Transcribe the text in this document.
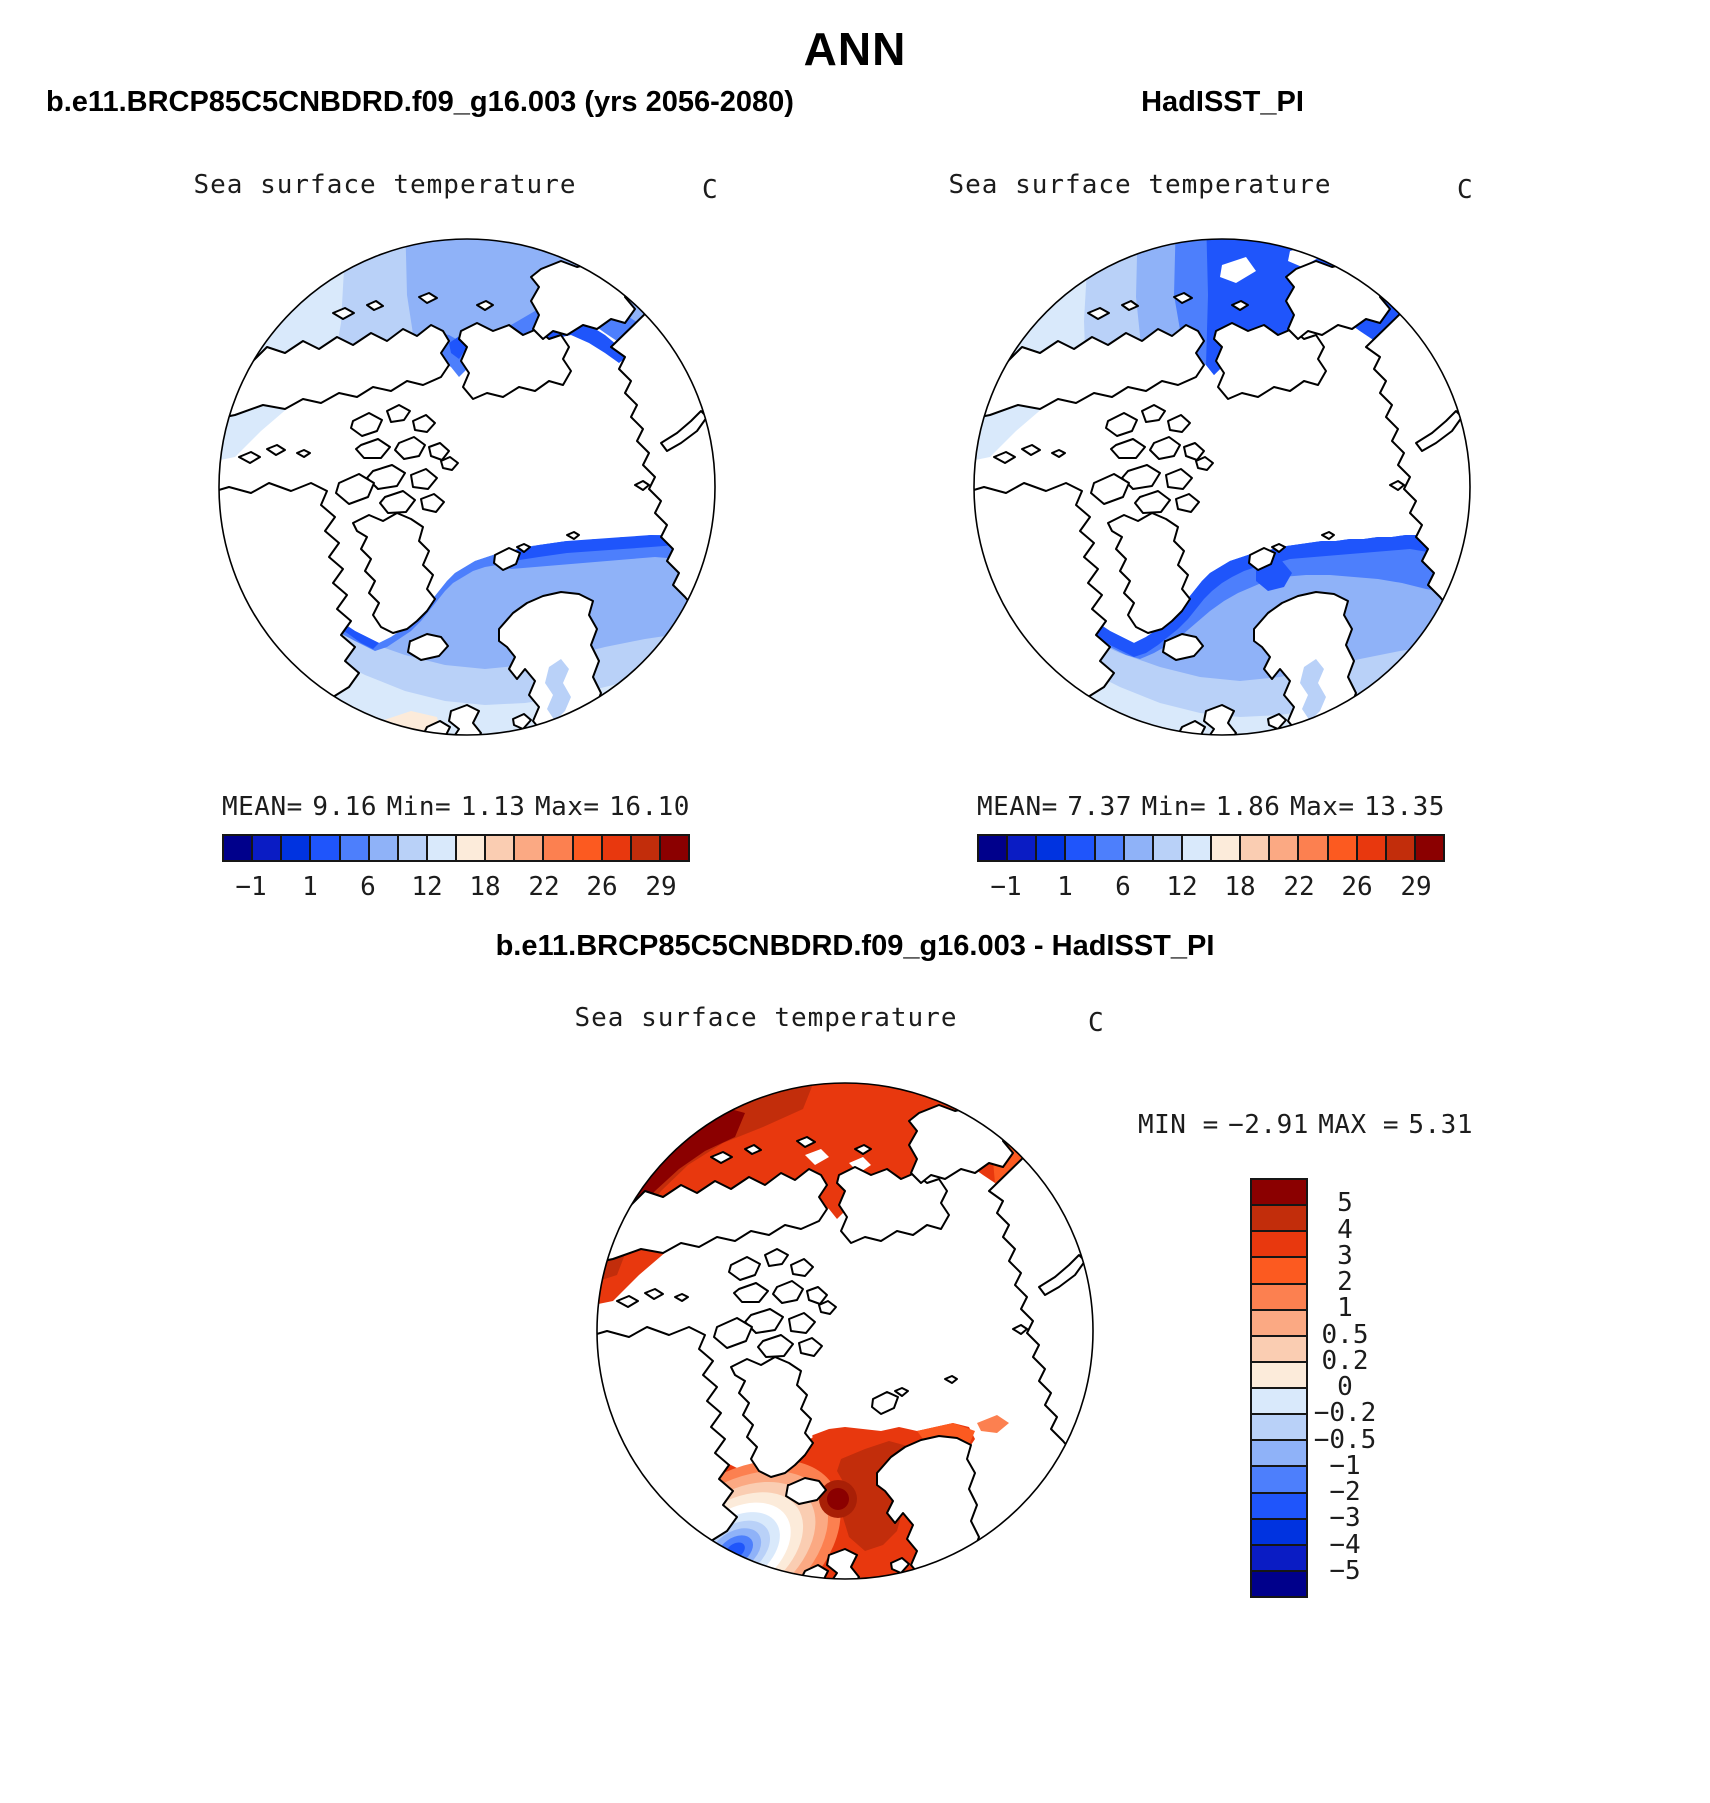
ANN
b.e11.BRCP85C5CNBDRD.f09_g16.003 (yrs 2056-2080)	HadISST_PI
b.e11.BRCP85C5CNBDRD.f09_g16.003 - HadISST_PI
Sea surface temperature	C	Sea surface temperature	C
Sea surface temperature	C
MEAN= 9.16 Min= 1.13 Max= 16.10
−1	1	6	12	18	22	26	29
MEAN= 7.37 Min= 1.86 Max= 13.35
−1	1	6	12	18	22	26	29
MIN = −2.91 MAX = 5.31
5
4
3
2
1
0.5
0.2
0
−0.2
−0.5
−1
−2
−3
−4
−5
